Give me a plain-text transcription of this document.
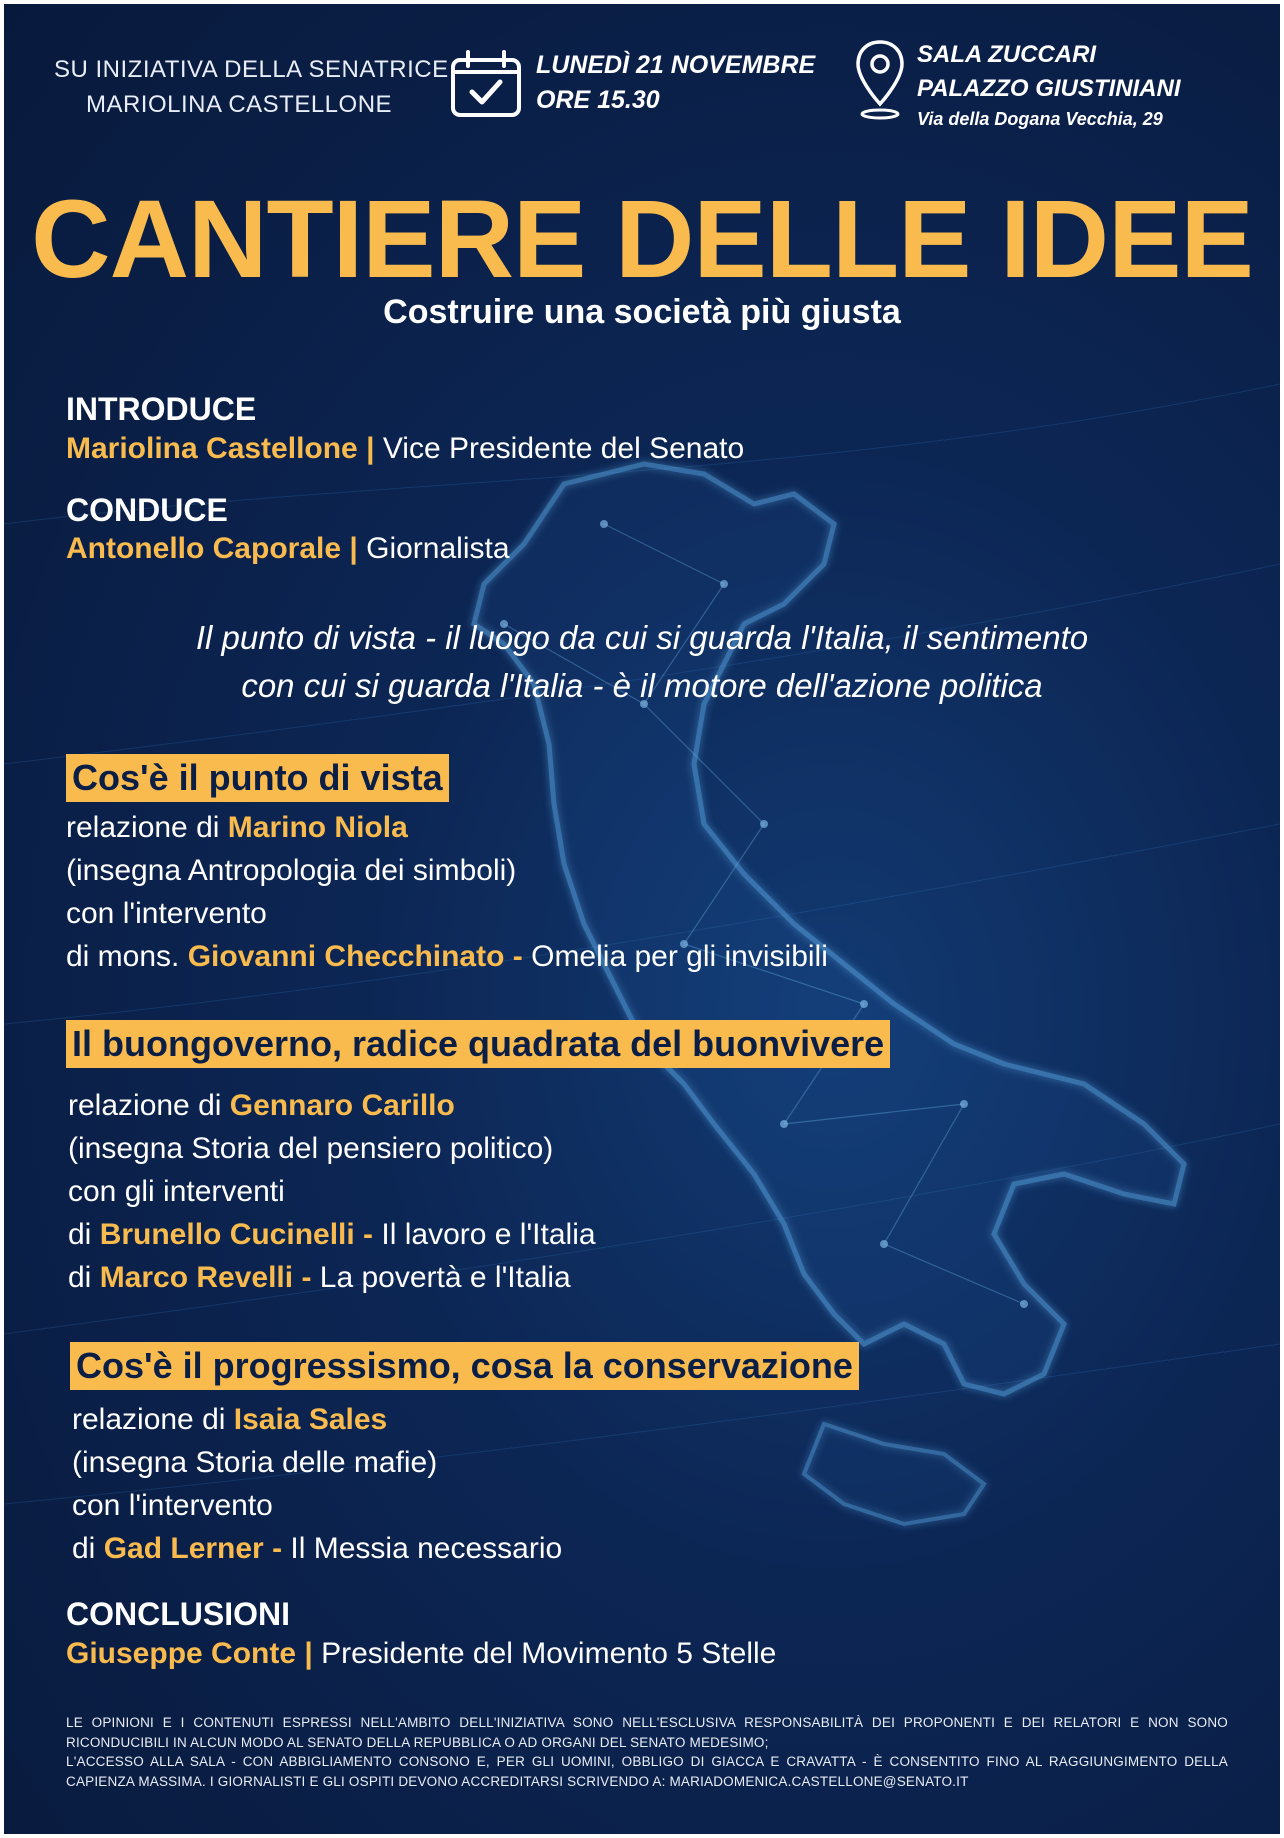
SU INIZIATIVA DELLA SENATRICE
MARIOLINA CASTELLONE
LUNEDÌ 21 NOVEMBRE
ORE 15.30
SALA ZUCCARI
PALAZZO GIUSTINIANI
Via della Dogana Vecchia, 29
CANTIERE DELLE IDEE
Costruire una società più giusta
INTRODUCE
Mariolina Castellone | Vice Presidente del Senato
CONDUCE
Antonello Caporale | Giornalista
Il punto di vista - il luogo da cui si guarda l'Italia, il sentimento
con cui si guarda l'Italia - è il motore dell'azione politica
Cos'è il punto di vista
relazione di Marino Niola
(insegna Antropologia dei simboli)
con l'intervento
di mons. Giovanni Checchinato - Omelia per gli invisibili
Il buongoverno, radice quadrata del buonvivere
relazione di Gennaro Carillo
(insegna Storia del pensiero politico)
con gli interventi
di Brunello Cucinelli - Il lavoro e l'Italia
di Marco Revelli - La povertà e l'Italia
Cos'è il progressismo, cosa la conservazione
relazione di Isaia Sales
(insegna Storia delle mafie)
con l'intervento
di Gad Lerner - Il Messia necessario
CONCLUSIONI
Giuseppe Conte | Presidente del Movimento 5 Stelle
LE OPINIONI E I CONTENUTI ESPRESSI NELL'AMBITO DELL'INIZIATIVA SONO NELL'ESCLUSIVA RESPONSABILITÀ DEI PROPONENTI E DEI RELATORI E NON SONO
RICONDUCIBILI IN ALCUN MODO AL SENATO DELLA REPUBBLICA O AD ORGANI DEL SENATO MEDESIMO;
L'ACCESSO ALLA SALA - CON ABBIGLIAMENTO CONSONO E, PER GLI UOMINI, OBBLIGO DI GIACCA E CRAVATTA - È CONSENTITO FINO AL RAGGIUNGIMENTO DELLA
CAPIENZA MASSIMA. I GIORNALISTI E GLI OSPITI DEVONO ACCREDITARSI SCRIVENDO A: MARIADOMENICA.CASTELLONE@SENATO.IT
